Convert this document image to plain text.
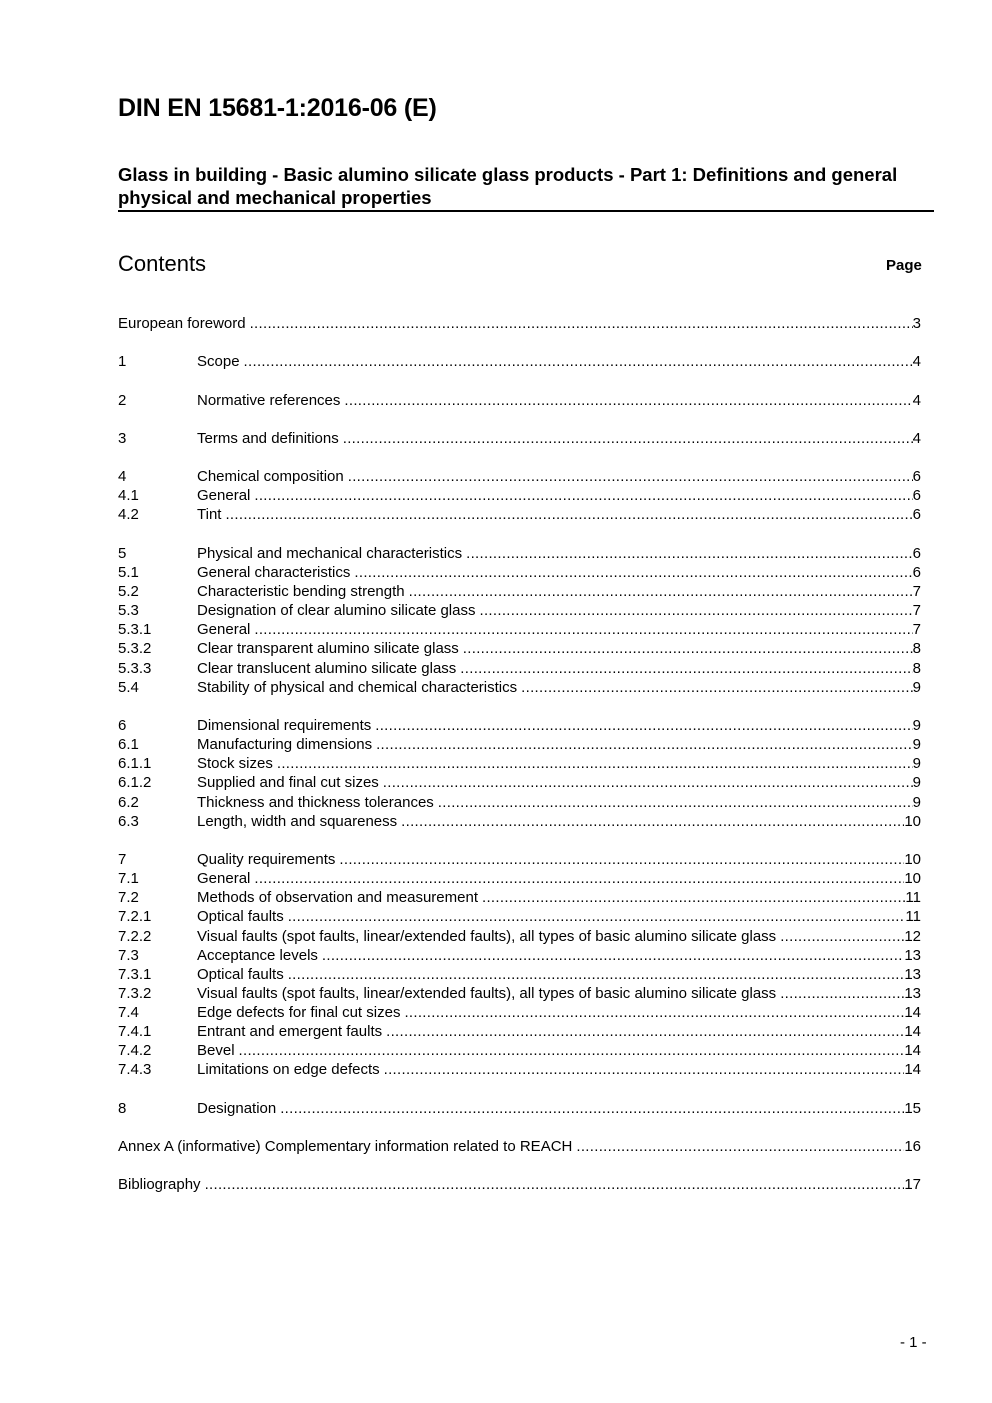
DIN EN 15681-1:2016-06 (E)
Glass in building - Basic alumino silicate glass products - Part 1: Definitions and general physical and mechanical properties
Contents	Page
European foreword .....	3
1	Scope .....	4
2	Normative references .....	4
3	Terms and definitions .....	4
4	Chemical composition .....	6
4.1	General .....	6
4.2	Tint .....	6
5	Physical and mechanical characteristics .....	6
5.1	General characteristics .....	6
5.2	Characteristic bending strength .....	7
5.3	Designation of clear alumino silicate glass .....	7
5.3.1	General .....	7
5.3.2	Clear transparent alumino silicate glass .....	8
5.3.3	Clear translucent alumino silicate glass .....	8
5.4	Stability of physical and chemical characteristics .....	9
6	Dimensional requirements .....	9
6.1	Manufacturing dimensions .....	9
6.1.1	Stock sizes .....	9
6.1.2	Supplied and final cut sizes .....	9
6.2	Thickness and thickness tolerances .....	9
6.3	Length, width and squareness .....	10
7	Quality requirements .....	10
7.1	General .....	10
7.2	Methods of observation and measurement .....	11
7.2.1	Optical faults .....	11
7.2.2	Visual faults (spot faults, linear/extended faults), all types of basic alumino silicate glass .....	12
7.3	Acceptance levels .....	13
7.3.1	Optical faults .....	13
7.3.2	Visual faults (spot faults, linear/extended faults), all types of basic alumino silicate glass .....	13
7.4	Edge defects for final cut sizes .....	14
7.4.1	Entrant and emergent faults .....	14
7.4.2	Bevel .....	14
7.4.3	Limitations on edge defects .....	14
8	Designation .....	15
Annex A (informative) Complementary information related to REACH .....	16
Bibliography .....	17
- 1 -
